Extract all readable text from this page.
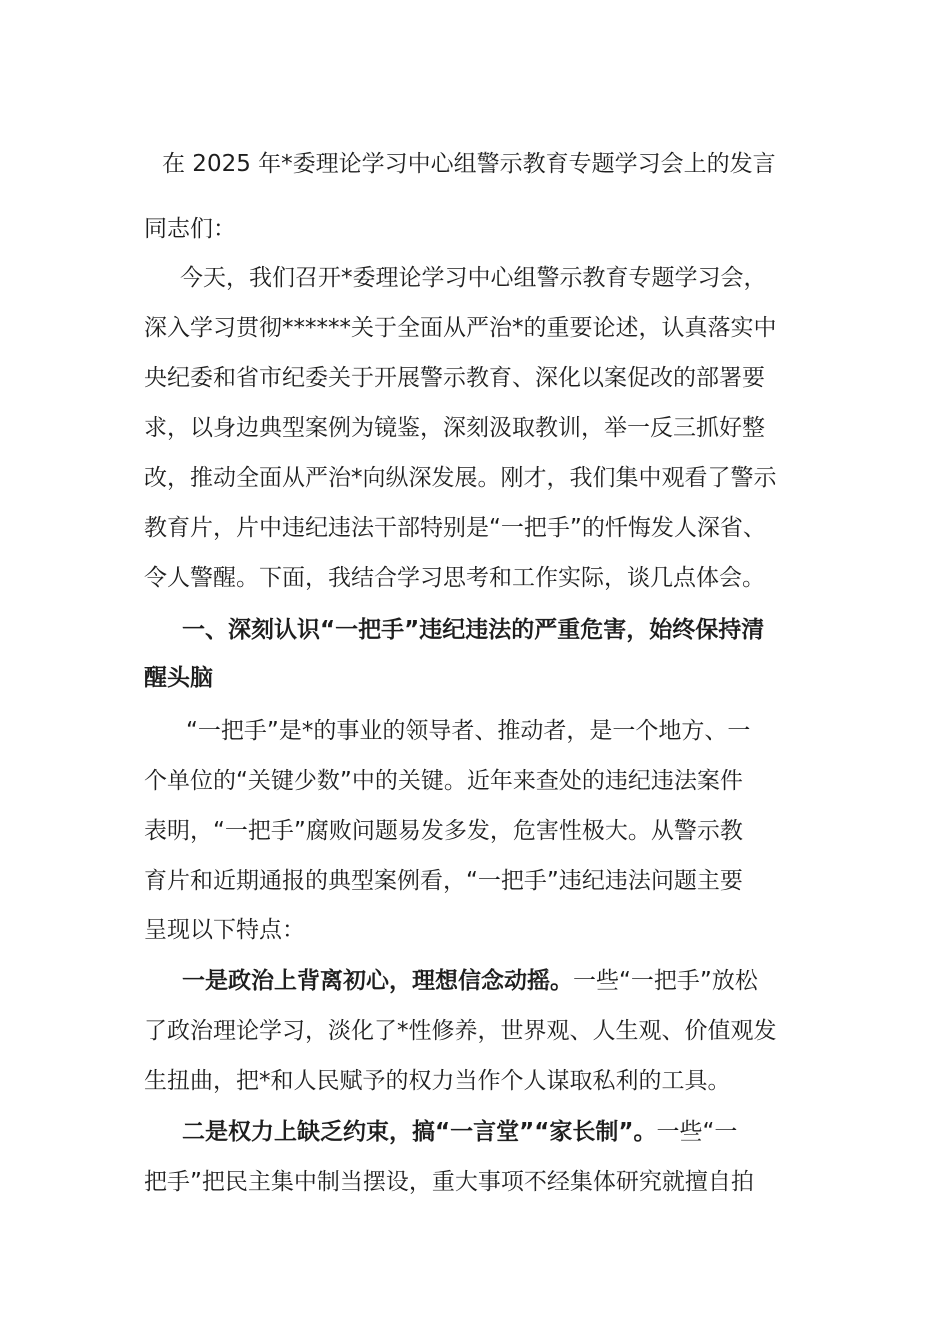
在 2025 年*委理论学习中心组警示教育专题学习会上的发言
同志们：
今天，我们召开*委理论学习中心组警示教育专题学习会，
深入学习贯彻******关于全面从严治*的重要论述，认真落实中
央纪委和省市纪委关于开展警示教育、深化以案促改的部署要
求，以身边典型案例为镜鉴，深刻汲取教训，举一反三抓好整
改，推动全面从严治*向纵深发展。刚才，我们集中观看了警示
教育片，片中违纪违法干部特别是“一把手”的忏悔发人深省、
令人警醒。下面，我结合学习思考和工作实际，谈几点体会。
一、深刻认识“一把手”违纪违法的严重危害，始终保持清
醒头脑
“一把手”是*的事业的领导者、推动者，是一个地方、一
个单位的“关键少数”中的关键。近年来查处的违纪违法案件
表明，“一把手”腐败问题易发多发，危害性极大。从警示教
育片和近期通报的典型案例看，“一把手”违纪违法问题主要
呈现以下特点：
一是政治上背离初心，理想信念动摇。一些“一把手”放松
了政治理论学习，淡化了*性修养，世界观、人生观、价值观发
生扭曲，把*和人民赋予的权力当作个人谋取私利的工具。
二是权力上缺乏约束，搞“一言堂”“家长制”。一些“一
把手”把民主集中制当摆设，重大事项不经集体研究就擅自拍
